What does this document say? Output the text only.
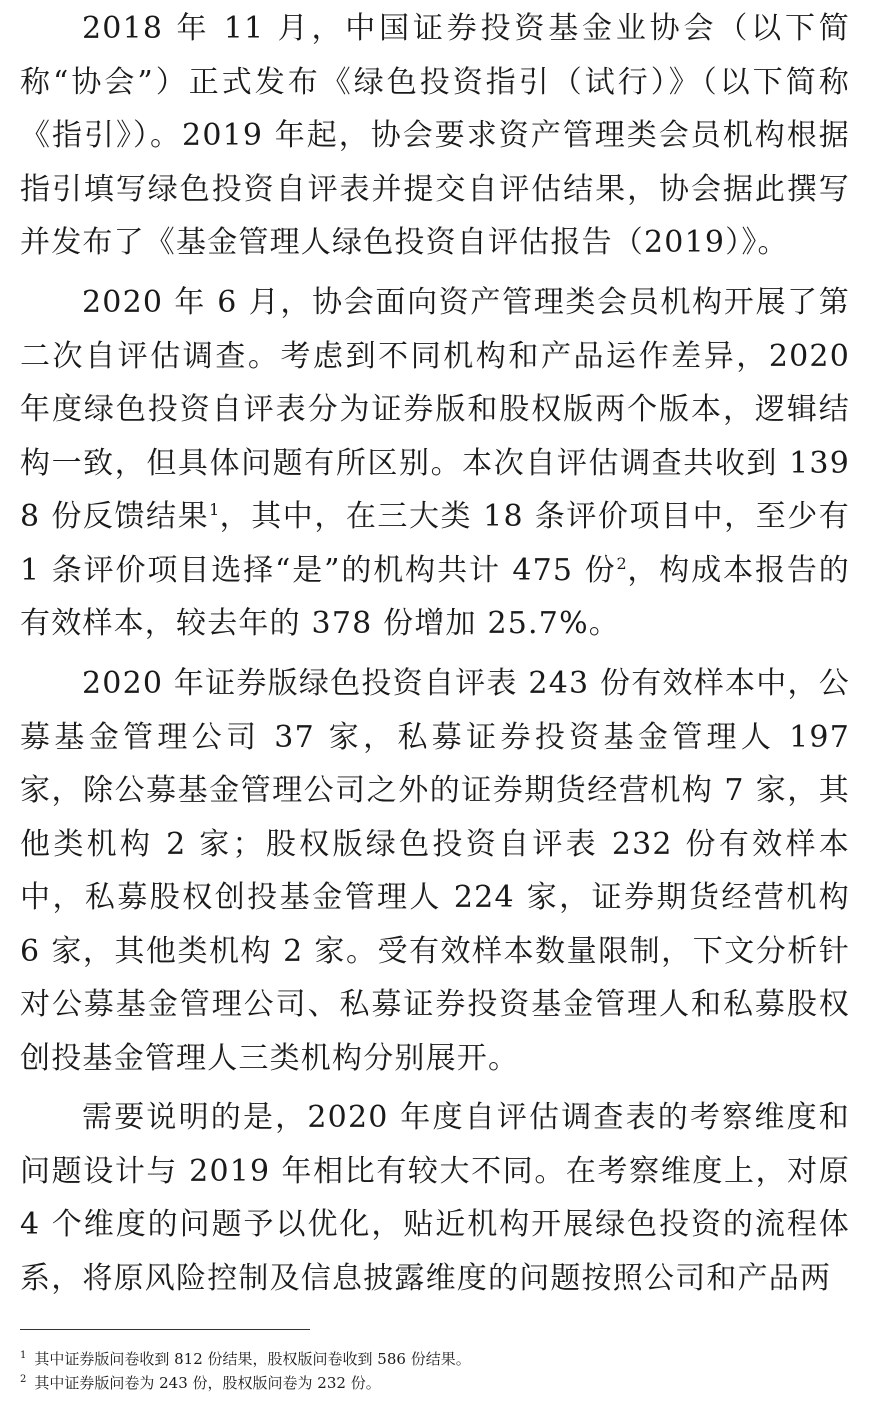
2018 年 11 月，中国证券投资基金业协会（以下简称“协会”）正式发布《绿色投资指引（试行）》（以下简称《指引》）。2019 年起，协会要求资产管理类会员机构根据指引填写绿色投资自评表并提交自评估结果，协会据此撰写并发布了《基金管理人绿色投资自评估报告（2019）》。

2020 年 6 月，协会面向资产管理类会员机构开展了第二次自评估调查。考虑到不同机构和产品运作差异，2020 年度绿色投资自评表分为证券版和股权版两个版本，逻辑结构一致，但具体问题有所区别。本次自评估调查共收到 1398 份反馈结果$^1$，其中，在三大类 18 条评价项目中，至少有 1 条评价项目选择“是”的机构共计 475 份$^2$，构成本报告的有效样本，较去年的 378 份增加 25.7%。

2020 年证券版绿色投资自评表 243 份有效样本中，公募基金管理公司 37 家，私募证券投资基金管理人 197 家，除公募基金管理公司之外的证券期货经营机构 7 家，其他类机构 2 家；股权版绿色投资自评表 232 份有效样本中，私募股权创投基金管理人 224 家，证券期货经营机构 6 家，其他类机构 2 家。受有效样本数量限制，下文分析针对公募基金管理公司、私募证券投资基金管理人和私募股权创投基金管理人三类机构分别展开。

需要说明的是，2020 年度自评估调查表的考察维度和问题设计与 2019 年相比有较大不同。在考察维度上，对原 4 个维度的问题予以优化，贴近机构开展绿色投资的流程体系，将原风险控制及信息披露维度的问题按照公司和产品两

$^1$ 其中证券版问卷收到 812 份结果，股权版问卷收到 586 份结果。
$^2$ 其中证券版问卷为 243 份，股权版问卷为 232 份。
